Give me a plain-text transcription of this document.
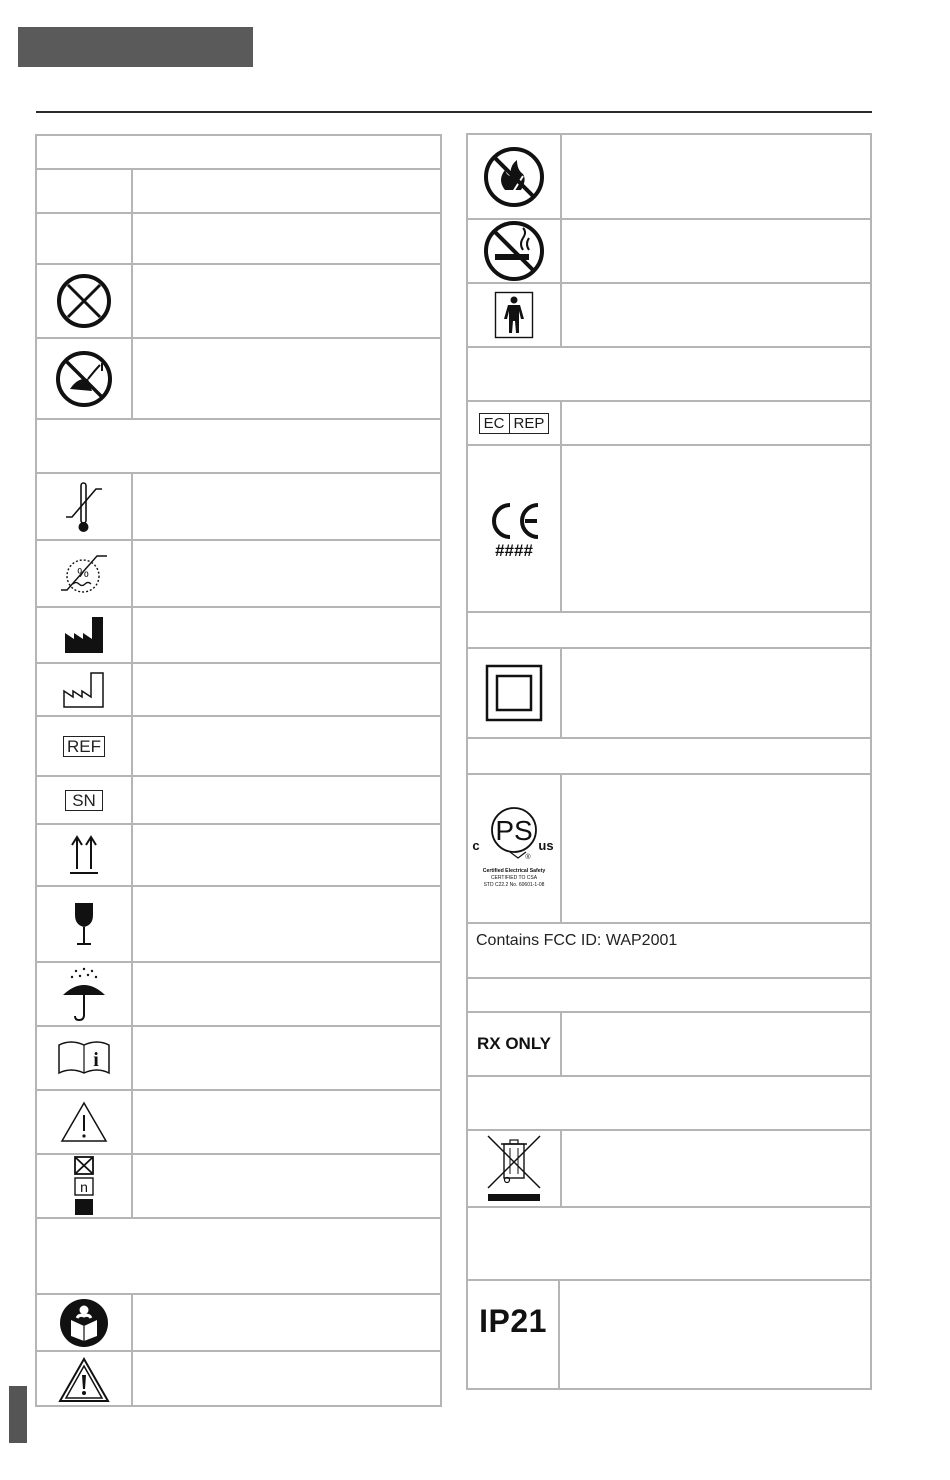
%
REF
SN
i
n
EC REP
####
PS
c	us
®
Certified Electrical Safety
CERTIFIED TO CSA
STD C22.2 No. 60601-1-08
Contains FCC ID: WAP2001
RX ONLY
IP21
